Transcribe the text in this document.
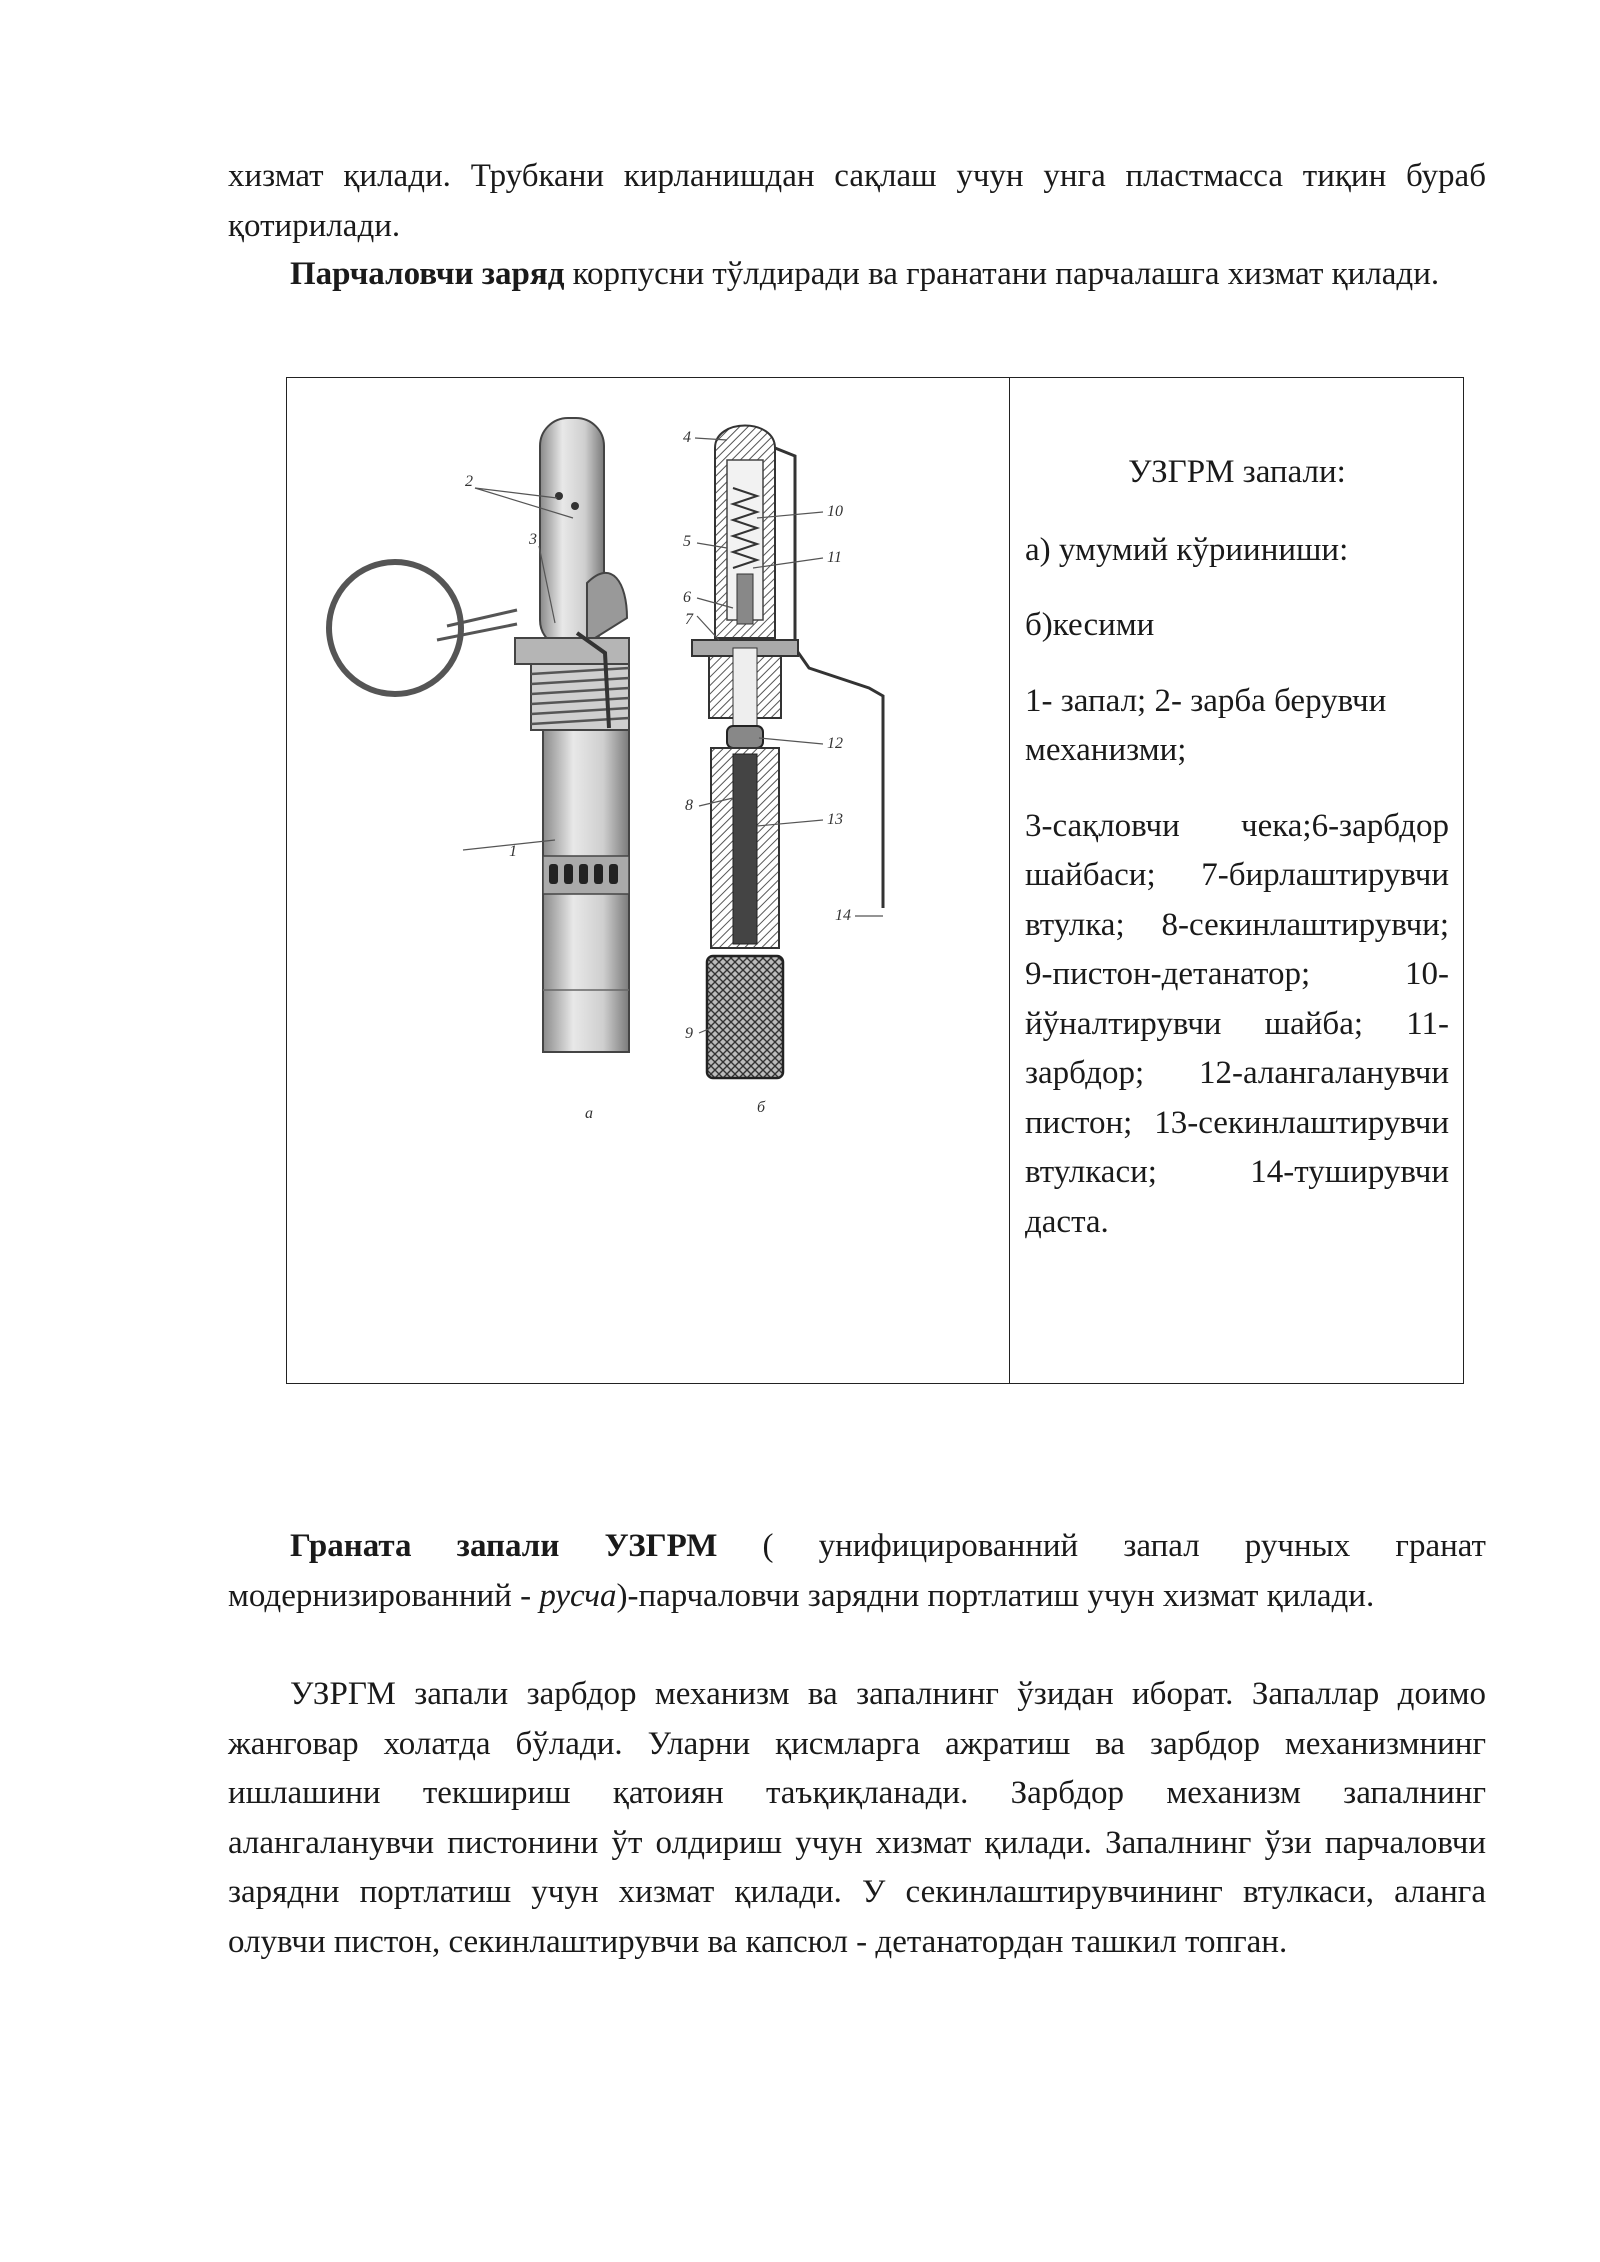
хизмат қилади. Трубкани кирланишдан сақлаш учун унга пластмасса тиқин бураб қотирилади.

Парчаловчи заряд корпусни тўлдиради ва гранатани парчалашга хизмат қилади.

2
3
1
4
5
6
7
8
9
10
11
12
13
14
а	б

УЗГРМ запали:

а) умумий кўрииниши:

б)кесими

1- запал; 2- зарба берувчи механизми;

3-сақловчи чека;6-зарбдор шайбаси; 7-бирлаштирувчи втулка; 8-секинлаштирувчи; 9-пистон-детанатор; 10-йўналтирувчи шайба; 11-зарбдор; 12-алангаланувчи пистон; 13-секинлаштирувчи втулкаси; 14-туширувчи даста.

Граната запали УЗГРМ ( унифицированний запал ручных гранат модернизированний - русча)-парчаловчи зарядни портлатиш учун хизмат қилади.

УЗРГМ запали зарбдор механизм ва запалнинг ўзидан иборат. Запаллар доимо жанговар холатда бўлади. Уларни қисмларга ажратиш ва зарбдор механизмнинг ишлашини текшириш қатоиян таъқиқланади. Зарбдор механизм запалнинг алангаланувчи пистонини ўт олдириш учун хизмат қилади. Запалнинг ўзи парчаловчи зарядни портлатиш учун хизмат қилади. У секинлаштирувчининг втулкаси, аланга олувчи пистон, секинлаштирувчи ва капсюл - детанатордан ташкил топган.
